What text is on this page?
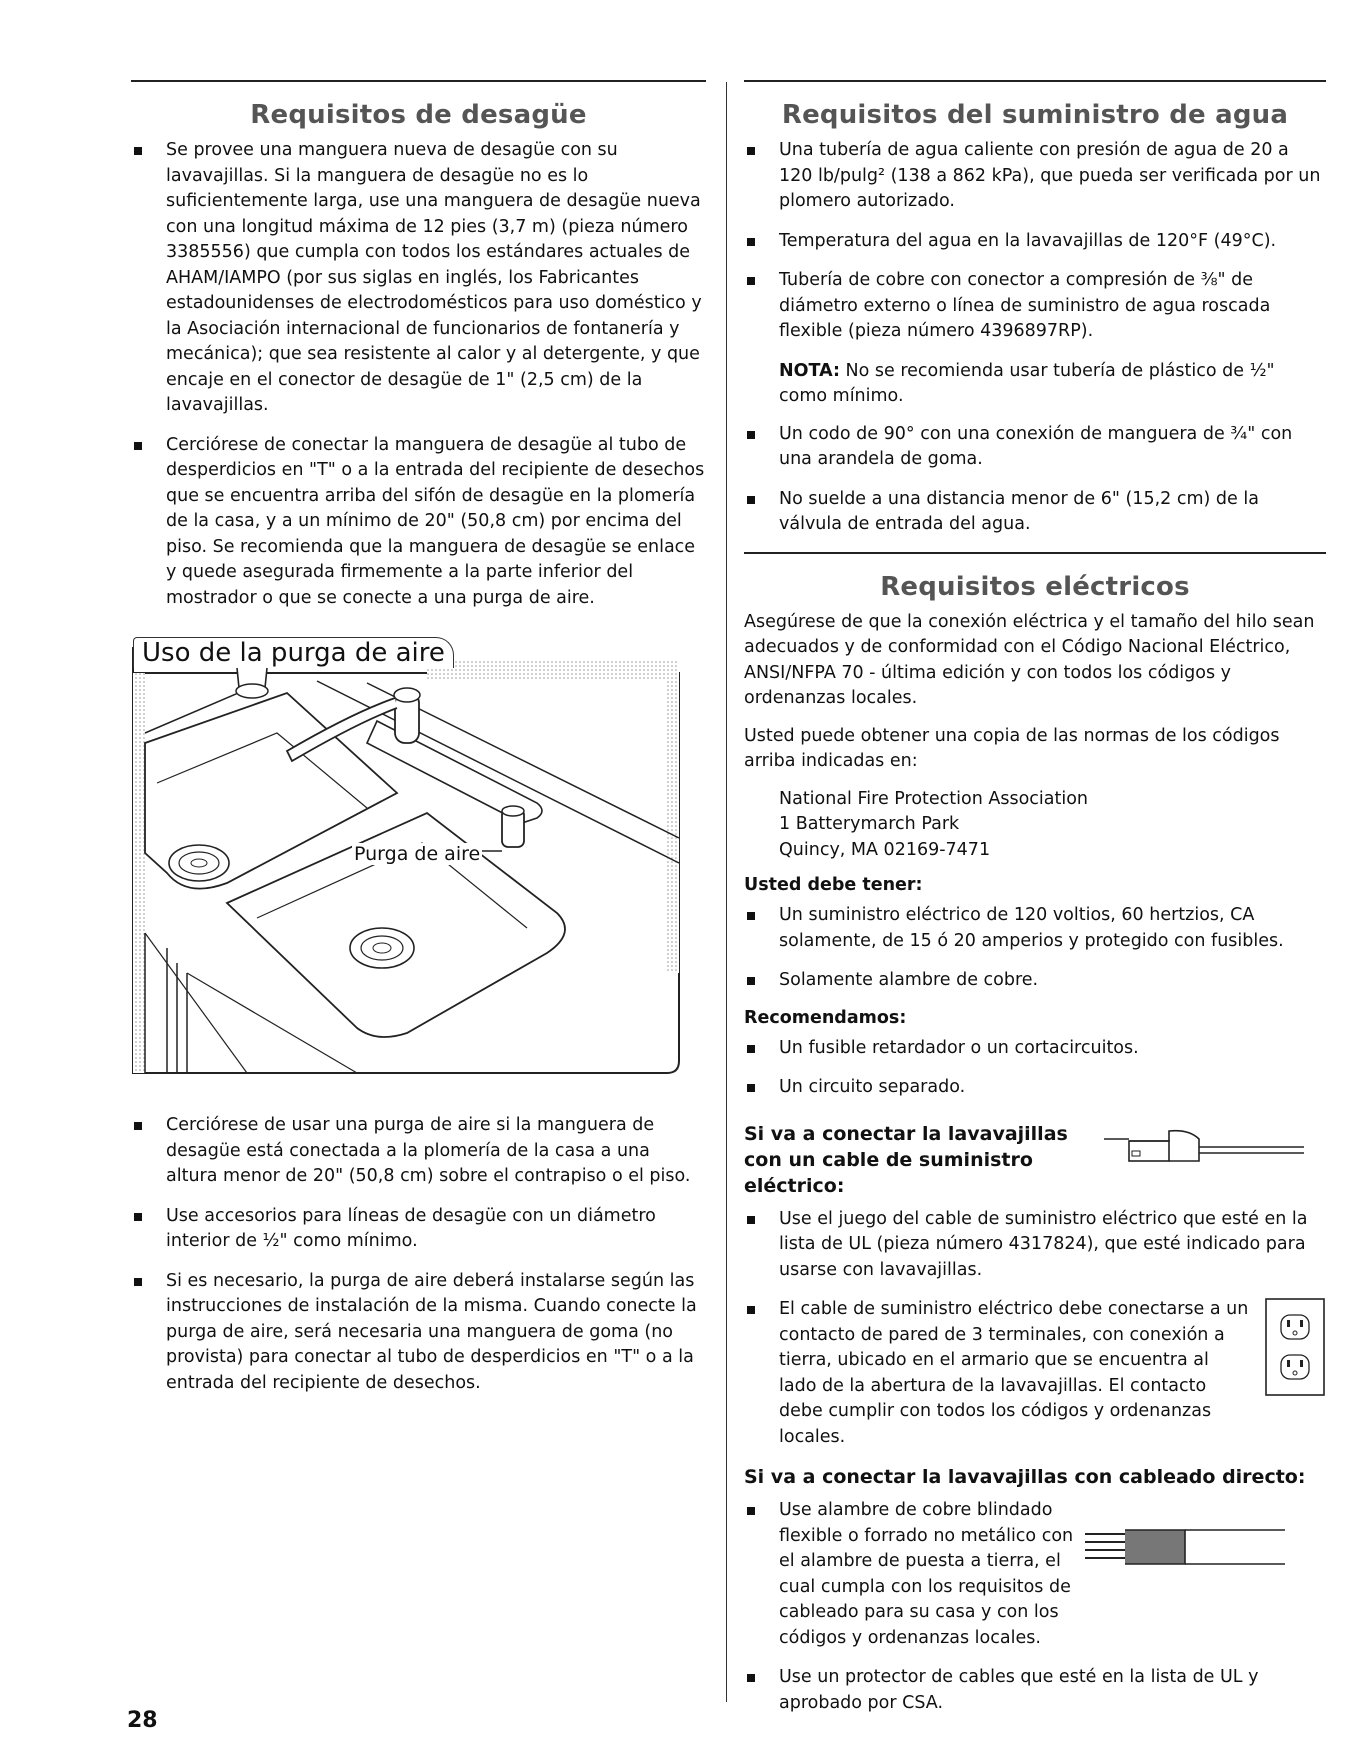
Requisitos de desagüe
Se provee una manguera nueva de desagüe con su lavavajillas. Si la manguera de desagüe no es lo suficientemente larga, use una manguera de desagüe nueva con una longitud máxima de 12 pies (3,7 m) (pieza número 3385556) que cumpla con todos los estándares actuales de AHAM/IAMPO (por sus siglas en inglés, los Fabricantes estadounidenses de electrodomésticos para uso doméstico y la Asociación internacional de funcionarios de fontanería y mecánica); que sea resistente al calor y al detergente, y que encaje en el conector de desagüe de 1" (2,5 cm) de la lavavajillas.
Cerciórese de conectar la manguera de desagüe al tubo de desperdicios en "T" o a la entrada del recipiente de desechos que se encuentra arriba del sifón de desagüe en la plomería de la casa, y a un mínimo de 20" (50,8 cm) por encima del piso. Se recomienda que la manguera de desagüe se enlace y quede asegurada firmemente a la parte inferior del mostrador o que se conecte a una purga de aire.
Uso de la purga de aire
Purga de aire
Cerciórese de usar una purga de aire si la manguera de desagüe está conectada a la plomería de la casa a una altura menor de 20" (50,8 cm) sobre el contrapiso o el piso.
Use accesorios para líneas de desagüe con un diámetro interior de ½" como mínimo.
Si es necesario, la purga de aire deberá instalarse según las instrucciones de instalación de la misma. Cuando conecte la purga de aire, será necesaria una manguera de goma (no provista) para conectar al tubo de desperdicios en "T" o a la entrada del recipiente de desechos.
Requisitos del suministro de agua
Una tubería de agua caliente con presión de agua de 20 a 120 lb/pulg² (138 a 862 kPa), que pueda ser verificada por un plomero autorizado.
Temperatura del agua en la lavavajillas de 120°F (49°C).
Tubería de cobre con conector a compresión de ⅜" de diámetro externo o línea de suministro de agua roscada flexible (pieza número 4396897RP).

NOTA: No se recomienda usar tubería de plástico de ½" como mínimo.

Un codo de 90° con una conexión de manguera de ¾" con una arandela de goma.
No suelde a una distancia menor de 6" (15,2 cm) de la válvula de entrada del agua.
Requisitos eléctricos

Asegúrese de que la conexión eléctrica y el tamaño del hilo sean adecuados y de conformidad con el Código Nacional Eléctrico, ANSI/NFPA 70 - última edición y con todos los códigos y ordenanzas locales.

Usted puede obtener una copia de las normas de los códigos arriba indicadas en:

National Fire Protection Association
1 Batterymarch Park
Quincy, MA 02169-7471
Usted debe tener:
Un suministro eléctrico de 120 voltios, 60 hertzios, CA solamente, de 15 ó 20 amperios y protegido con fusibles.
Solamente alambre de cobre.
Recomendamos:
Un fusible retardador o un cortacircuitos.
Un circuito separado.
Si va a conectar la lavavajillas con un cable de suministro eléctrico:
Use el juego del cable de suministro eléctrico que esté en la lista de UL (pieza número 4317824), que esté indicado para usarse con lavavajillas.
El cable de suministro eléctrico debe conectarse a un contacto de pared de 3 terminales, con conexión a tierra, ubicado en el armario que se encuentra al lado de la abertura de la lavavajillas. El contacto debe cumplir con todos los códigos y ordenanzas locales.
Si va a conectar la lavavajillas con cableado directo:
Use alambre de cobre blindado flexible o forrado no metálico con el alambre de puesta a tierra, el cual cumpla con los requisitos de cableado para su casa y con los códigos y ordenanzas locales.
Use un protector de cables que esté en la lista de UL y aprobado por CSA.
28
